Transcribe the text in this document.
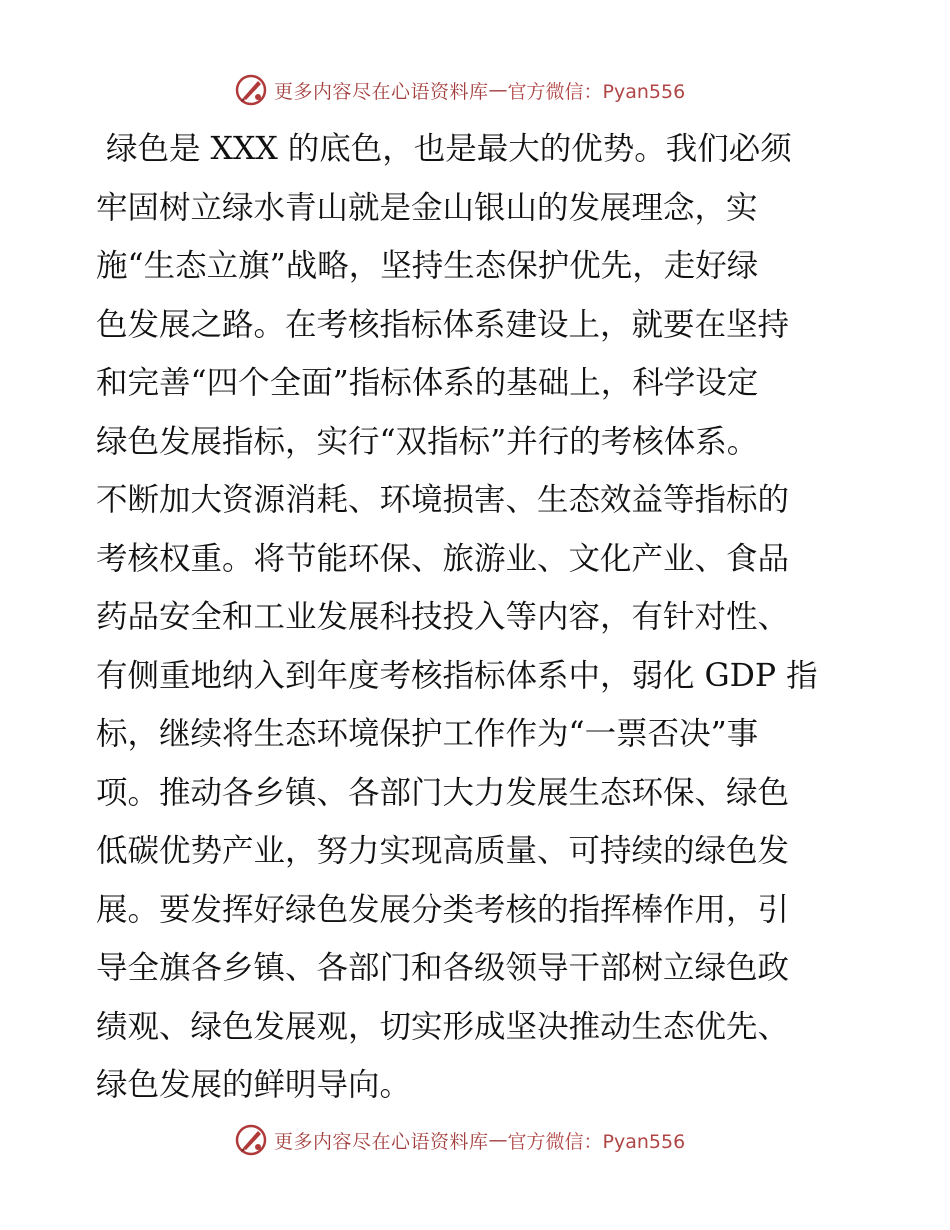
更多内容尽在心语资料库 — 官方微信：Pyan556
绿色是 XXX 的底色，也是最大的优势。我们必须
牢固树立绿水青山就是金山银山的发展理念，实
施“生态立旗”战略，坚持生态保护优先，走好绿
色发展之路。在考核指标体系建设上，就要在坚持
和完善“四个全面”指标体系的基础上，科学设定
绿色发展指标，实行“双指标”并行的考核体系。
不断加大资源消耗、环境损害、生态效益等指标的
考核权重。将节能环保、旅游业、文化产业、食品
药品安全和工业发展科技投入等内容，有针对性、
有侧重地纳入到年度考核指标体系中，弱化 GDP 指
标，继续将生态环境保护工作作为“一票否决”事
项。推动各乡镇、各部门大力发展生态环保、绿色
低碳优势产业，努力实现高质量、可持续的绿色发
展。要发挥好绿色发展分类考核的指挥棒作用，引
导全旗各乡镇、各部门和各级领导干部树立绿色政
绩观、绿色发展观，切实形成坚决推动生态优先、
绿色发展的鲜明导向。
更多内容尽在心语资料库 — 官方微信：Pyan556
